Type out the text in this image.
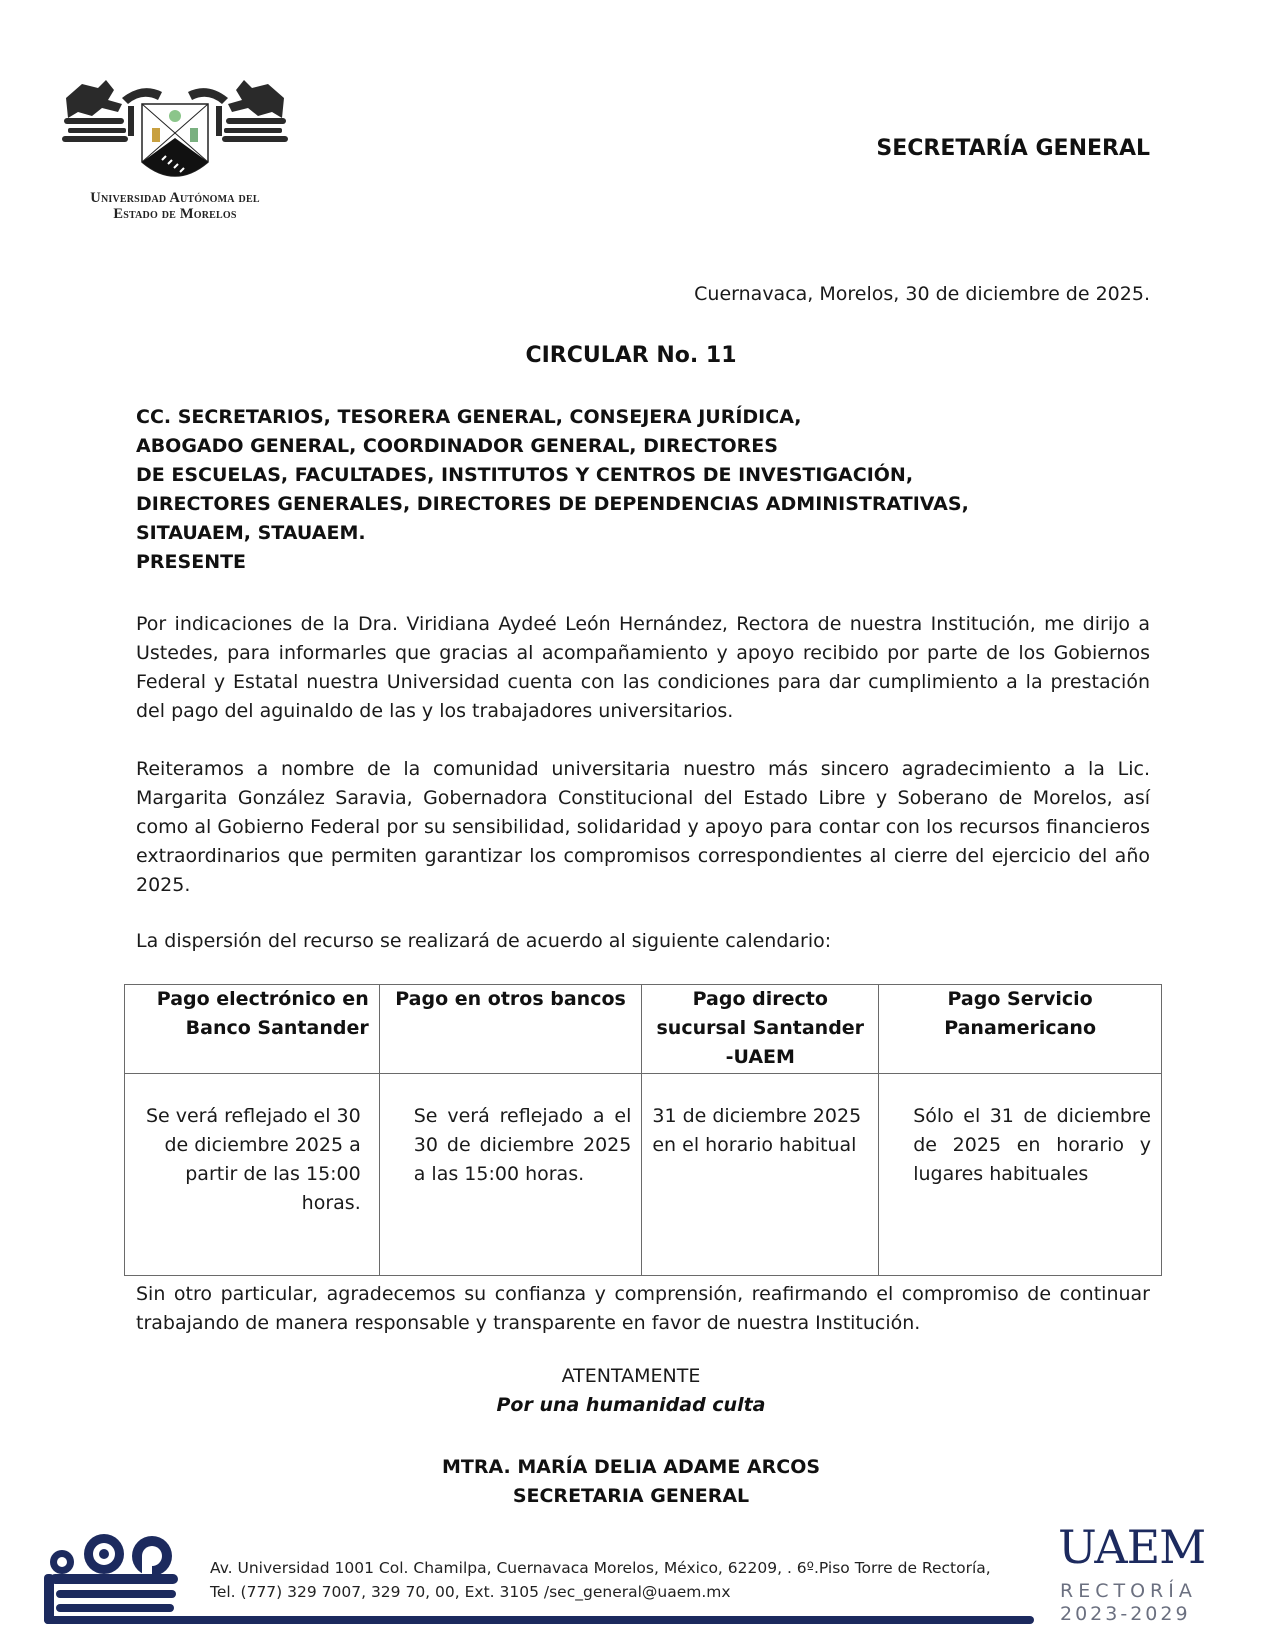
Universidad Autónoma del
Estado de Morelos
SECRETARÍA GENERAL
Cuernavaca, Morelos, 30 de diciembre de 2025.
CIRCULAR No. 11
CC. SECRETARIOS, TESORERA GENERAL, CONSEJERA JURÍDICA,
ABOGADO GENERAL, COORDINADOR GENERAL, DIRECTORES
DE ESCUELAS, FACULTADES, INSTITUTOS Y CENTROS DE INVESTIGACIÓN,
DIRECTORES GENERALES, DIRECTORES DE DEPENDENCIAS ADMINISTRATIVAS,
SITAUAEM, STAUAEM.
PRESENTE
Por indicaciones de la Dra. Viridiana Aydeé León Hernández, Rectora de nuestra Institución, me dirijo a Ustedes, para informarles que gracias al acompañamiento y apoyo recibido por parte de los Gobiernos Federal y Estatal nuestra Universidad cuenta con las condiciones para dar cumplimiento a la prestación del pago del aguinaldo de las y los trabajadores universitarios.
Reiteramos a nombre de la comunidad universitaria nuestro más sincero agradecimiento a la Lic. Margarita González Saravia, Gobernadora Constitucional del Estado Libre y Soberano de Morelos, así como al Gobierno Federal por su sensibilidad, solidaridad y apoyo para contar con los recursos financieros extraordinarios que permiten garantizar los compromisos correspondientes al cierre del ejercicio del año 2025.
La dispersión del recurso se realizará de acuerdo al siguiente calendario:
Pago electrónico en Banco Santander	Pago en otros bancos	Pago directo sucursal Santander -UAEM	Pago Servicio Panamericano
Se verá reflejado el 30 de diciembre 2025 a partir de las 15:00 horas.	Se verá reflejado a el 30 de diciembre 2025 a las 15:00 horas.	31 de diciembre 2025 en el horario habitual	Sólo el 31 de diciembre de 2025 en horario y lugares habituales
Sin otro particular, agradecemos su confianza y comprensión, reafirmando el compromiso de continuar trabajando de manera responsable y transparente en favor de nuestra Institución.
ATENTAMENTE
Por una humanidad culta
MTRA. MARÍA DELIA ADAME ARCOS
SECRETARIA GENERAL
Av. Universidad 1001 Col. Chamilpa, Cuernavaca Morelos, México, 62209, . 6º.Piso Torre de Rectoría,
Tel. (777) 329 7007, 329 70, 00, Ext. 3105 /sec_general@uaem.mx
UAEM
RECTORÍA
2023-2029
